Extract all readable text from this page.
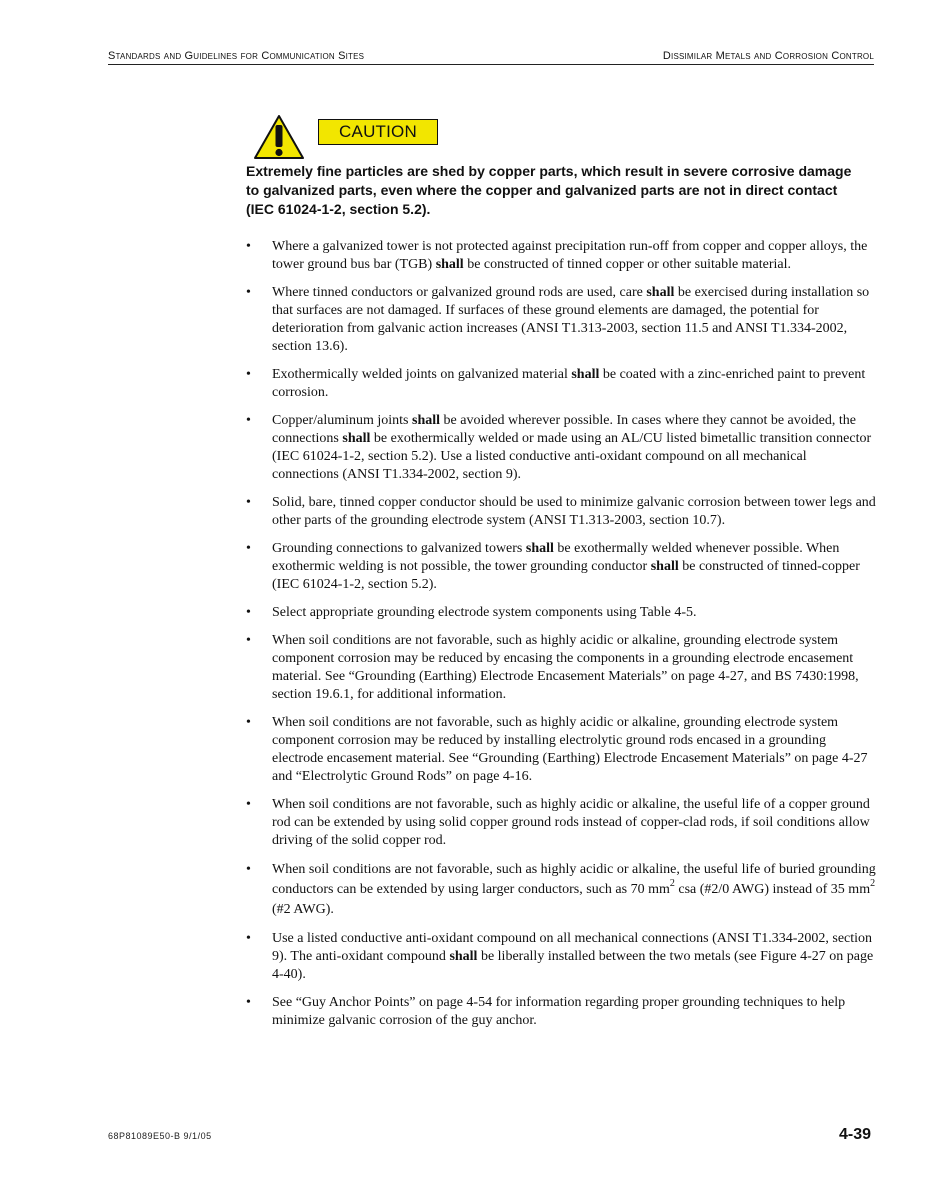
Standards and Guidelines for Communication Sites	Dissimilar Metals and Corrosion Control
CAUTION

Extremely fine particles are shed by copper parts, which result in severe corrosive damage to galvanized parts, even where the copper and galvanized parts are not in direct contact (IEC 61024-1-2, section 5.2).

• Where a galvanized tower is not protected against precipitation run-off from copper and copper alloys, the tower ground bus bar (TGB) shall be constructed of tinned copper or other suitable material.
• Where tinned conductors or galvanized ground rods are used, care shall be exercised during installation so that surfaces are not damaged. If surfaces of these ground elements are damaged, the potential for deterioration from galvanic action increases (ANSI T1.313-2003, section 11.5 and ANSI T1.334-2002, section 13.6).
• Exothermically welded joints on galvanized material shall be coated with a zinc-enriched paint to prevent corrosion.
• Copper/aluminum joints shall be avoided wherever possible. In cases where they cannot be avoided, the connections shall be exothermically welded or made using an AL/CU listed bimetallic transition connector (IEC 61024-1-2, section 5.2). Use a listed conductive anti-oxidant compound on all mechanical connections (ANSI T1.334-2002, section 9).
• Solid, bare, tinned copper conductor should be used to minimize galvanic corrosion between tower legs and other parts of the grounding electrode system (ANSI T1.313-2003, section 10.7).
• Grounding connections to galvanized towers shall be exothermally welded whenever possible. When exothermic welding is not possible, the tower grounding conductor shall be constructed of tinned-copper (IEC 61024-1-2, section 5.2).
• Select appropriate grounding electrode system components using Table 4-5.
• When soil conditions are not favorable, such as highly acidic or alkaline, grounding electrode system component corrosion may be reduced by encasing the components in a grounding electrode encasement material. See “Grounding (Earthing) Electrode Encasement Materials” on page 4-27, and BS 7430:1998, section 19.6.1, for additional information.
• When soil conditions are not favorable, such as highly acidic or alkaline, grounding electrode system component corrosion may be reduced by installing electrolytic ground rods encased in a grounding electrode encasement material. See “Grounding (Earthing) Electrode Encasement Materials” on page 4-27 and “Electrolytic Ground Rods” on page 4-16.
• When soil conditions are not favorable, such as highly acidic or alkaline, the useful life of a copper ground rod can be extended by using solid copper ground rods instead of copper-clad rods, if soil conditions allow driving of the solid copper rod.
• When soil conditions are not favorable, such as highly acidic or alkaline, the useful life of buried grounding conductors can be extended by using larger conductors, such as 70 $mm^2$ csa (#2/0 AWG) instead of 35 $mm^2$ (#2 AWG).
• Use a listed conductive anti-oxidant compound on all mechanical connections (ANSI T1.334-2002, section 9). The anti-oxidant compound shall be liberally installed between the two metals (see Figure 4-27 on page 4-40).
• See “Guy Anchor Points” on page 4-54 for information regarding proper grounding techniques to help minimize galvanic corrosion of the guy anchor.
68P81089E50-B 9/1/05	4-39
